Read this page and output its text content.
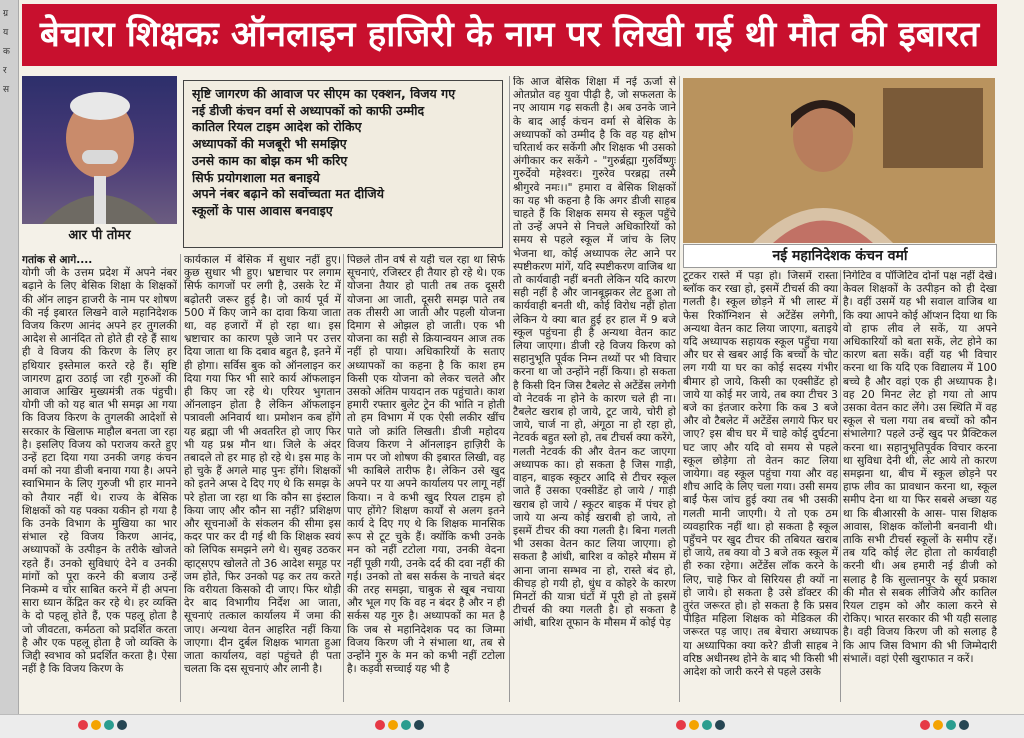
ग्र
य
क
र
स
बेचारा शिक्षकः ऑनलाइन हाजिरी के नाम पर लिखी गई थी मौत की इबारत
आर पी तोमर
सृष्टि जागरण की आवाज पर सीएम का एक्शन, विजय गए
नई डीजी कंचन वर्मा से अध्यापकों को काफी उम्मीद
कातिल रियल टाइम आदेश को रोकिए
अध्यापकों की मजबूरी भी समझिए
उनसे काम का बोझ कम भी करिए
सिर्फ प्रयोगशाला मत बनाइये
अपने नंबर बढ़ाने को सर्वोच्चता मत दीजिये
स्कूलों के पास आवास बनवाइए
नई महानिदेशक कंचन वर्मा
गतांक से आगे....
योगी जी के उत्तम प्रदेश में अपने नंबर बढ़ाने के लिए बेसिक शिक्षा के शिक्षकों की ऑन लाइन हाजरी के नाम पर शोषण की नई इबारत लिखने वाले महानिदेशक विजय किरण आनंद अपने हर तुगलकी आदेश से आनंदित तो होते ही रहे हैं साथ ही वे विजय की किरण के लिए हर हथियार इस्तेमाल करते रहे हैं। सृष्टि जागरण द्वारा उठाई जा रही गुरुओं की आवाज आखिर मुख्यमंत्री तक पंहुची। योगी जी को यह बात भी समझ आ गया कि विजय किरण के तुगलकी आदेशों से सरकार के खिलाफ माहौल बनता जा रहा है। इसलिए विजय को पराजय करते हुए उन्हें हटा दिया गया उनकी जगह कंचन वर्मा को नया डीजी बनाया गया है। अपने स्वाभिमान के लिए गुरुजी भी हार मानने को तैयार नहीं थे। राज्य के बेसिक शिक्षकों को यह पक्का यकीन हो गया है कि उनके विभाग के मुखिया का भार संभाल रहे विजय किरण आनंद, अध्यापकों के उत्पीड़न के तरीके खोजते रहते हैं। उनको सुविधाएं देने व उनकी मांगों को पूरा करने की बजाय उन्हें निकम्मे व चोर साबित करने में ही अपना सारा ध्यान केंद्रित कर रहे थे। हर व्यक्ति के दो पहलू होते हैं, एक पहलू होता है जो जीवटता, कर्मठता को प्रदर्शित करता है और एक पहलू होता है जो व्यक्ति के जिद्दी स्वभाव को प्रदर्शित करता है। ऐसा नहीं है कि विजय किरण के
कार्यकाल में बेसिक में सुधार नहीं हुए। कुछ सुधार भी हुए। भ्रष्टाचार पर लगाम सिर्फ कागजों पर लगी है, उसके रेट में बढ़ोतरी जरूर हुई है। जो कार्य पूर्व में 500 में किए जाने का दावा किया जाता था, वह हजारों में हो रहा था। इस भ्रष्टाचार का कारण पूछे जाने पर उत्तर दिया जाता था कि दबाव बहुत है, इतने में ही होगा। सर्विस बुक को ऑनलाइन कर दिया गया फिर भी सारे कार्य ऑफलाइन ही किए जा रहे थे। एरियर भुगतान ऑनलाइन होता है लेकिन ऑफलाइन पत्रावली अनिवार्य था। प्रमोशन कब होंगे यह ब्रह्मा जी भी अवतरित हो जाए फिर भी यह प्रश्न मौन था। जिले के अंदर तबादले तो हर माह हो रहे थे। इस माह के हो चुके हैं अगले माह पुनः होंगे। शिक्षकों को इतने अप्स दे दिए गए थे कि समझ के परे होता जा रहा था कि कौन सा इंस्टाल किया जाए और कौन सा नहीं? प्रशिक्षण और सूचनाओं के संकलन की सीमा इस कदर पार कर दी गई थी कि शिक्षक स्वयं को लिपिक समझने लगे थे। सुबह उठकर व्हाट्सएप खोलते तो 36 आदेश समूह पर जम होते, फिर उनको पढ़ कर तय करते कि वरीयता किसको दी जाए। फिर थोड़ी देर बाद विभागीय निर्देश आ जाता, सूचनाएं तत्काल कार्यालय में जमा की जाए। अन्यथा वेतन आहरित नहीं किया जाएगा। दीन दुर्बल शिक्षक भागता हुआ जाता कार्यालय, वहां पहुंचते ही पता चलता कि दस सूचनाएं और लानी है।
पिछले तीन वर्ष से यही चल रहा था सिर्फ सूचनाएं, रजिस्टर ही तैयार हो रहे थे। एक योजना तैयार हो पाती तब तक दूसरी योजना आ जाती, दूसरी समझ पाते तब तक तीसरी आ जाती और पहली योजना दिमाग से ओझल हो जाती। एक भी योजना का सही से क्रियान्वयन आज तक नहीं हो पाया। अधिकारियों के सताए अध्यापकों का कहना है कि काश हम किसी एक योजना को लेकर चलते और उसको अंतिम पायदान तक पहुंचाते। काश हमारी रफ्तार बुलेट ट्रेन की भांति न होती तो हम विभाग में एक ऐसी लकीर खींच पाते जो क्रांति लिखती। डीजी महोदय विजय किरण ने ऑनलाइन हाज़िरी के नाम पर जो शोषण की इबारत लिखी, वह भी काबिले तारीफ है। लेकिन उसे खुद अपने पर या अपने कार्यालय पर लागू नहीं किया। न वे कभी खुद रियल टाइम हो पाए होंगे? शिक्षण कार्यों से अलग इतने कार्य दे दिए गए थे कि शिक्षक मानसिक रूप से टूट चुके हैं। क्योंकि कभी उनके मन को नहीं टटोला गया, उनकी वेदना नहीं पूछी गयी, उनके दर्द की दवा नहीं की गई। उनको तो बस सर्कस के नाचते बंदर की तरह समझा, चाबुक से खूब नचाया और भूल गए कि वह न बंदर है और न ही सर्कस यह गुरु है। अध्यापकों का मत है कि जब से महानिदेशक पद का जिम्मा विजय किरण जी ने संभाला था, तब से उन्होंने गुरु के मन को कभी नहीं टटोला है। कड़वी सच्चाई यह भी है
कि आज बेसिक शिक्षा में नई ऊर्जा से ओतप्रोत वह युवा पीढ़ी है, जो सफलता के नए आयाम गढ़ सकती है। अब उनके जाने के बाद आईं कंचन वर्मा से बेसिक के अध्यापकों को उम्मीद है कि वह यह क्षोभ चरितार्थ कर सकेंगी और शिक्षक भी उसको अंगीकार कर सकेंगे - "गुरुर्ब्रह्मा गुरुर्विष्णुः गुरुर्देवो महेश्वरः। गुरुरेव परब्रह्म तस्मै श्रीगुरवे नमः।।" हमारा व बेसिक शिक्षकों का यह भी कहना है कि अगर डीजी साहब चाहते हैं कि शिक्षक समय से स्कूल पहुँचे तो उन्हें अपने से निचले अधिकारियों को समय से पहले स्कूल में जांच के लिए भेजना था, कोई अध्यापक लेट आने पर स्पष्टीकरण मांगें, यदि स्पष्टीकरण वाजिब था तो कार्यवाही नहीं बनती लेकिन यदि कारण सही नहीं है और जानबूझकर लेट हुआ तो कार्यवाही बनती थी, कोई विरोध नहीं होता लेकिन ये क्या बात हुई हर हाल में 9 बजे स्कूल पहुंचना ही है अन्यथा वेतन काट लिया जाएगा। डीजी रहे विजय किरण को सहानुभूति पूर्वक निम्न तथ्यों पर भी विचार करना था जो उन्होंने नहीं किया। हो सकता है किसी दिन जिस टैबलेट से अटेंडेंस लगेगी वो नेटवर्क ना होने के कारण चले ही ना। टैबलेट खराब हो जाये, टूट जाये, चोरी हो जाये, चार्ज ना हो, अंगूठा ना हो रहा हो, नेटवर्क बहुत स्लो हो, तब टीचर्स क्या करेंगे, गलती नेटवर्क की और वेतन कट जाएगा अध्यापक का। हो सकता है जिस गाड़ी, वाहन, बाइक स्कूटर आदि से टीचर स्कूल जाते हैं उसका एक्सीडेंट हो जाये / गाड़ी खराब हो जाये / स्कूटर बाइक में पंचर हो जाये या अन्य कोई खराबी हो जाये, तो इसमें टीचर की क्या गलती है। बिना गलती भी उसका वेतन काट लिया जाएगा। हो सकता है आंधी, बारिश व कोहरे मौसम में आना जाना सम्भव ना हो, रास्ते बंद हो, कीचड़ हो गयी हो, धुंध व कोहरे के कारण मिनटों की यात्रा घंटों में पूरी हो तो इसमें टीचर्स की क्या गलती है। हो सकता है आंधी, बारिश तूफान के मौसम में कोई पेड़
टूटकर रास्ते में पड़ा हो। जिसमें रास्ता ब्लॉक कर रखा हो, इसमें टीचर्स की क्या गलती है। स्कूल छोड़ने में भी लास्ट में फेस रिकॉग्निशन से अटेंडेंस लगेगी, अन्यथा वेतन काट लिया जाएगा, बताइये यदि अध्यापक सहायक स्कूल पहुँचा गया और घर से खबर आई कि बच्चों के चोट लग गयी या घर का कोई सदस्य गंभीर बीमार हो जाये, किसी का एक्सीडेंट हो जाये या कोई मर जाये, तब क्या टीचर 3 बजे का इंतजार करेगा कि कब 3 बजे और वो टैबलेट में अटेंडेंस लगाये फिर घर जाए? इस बीच घर में चाहे कोई दुर्घटना घट जाए और यदि वो समय से पहले स्कूल छोड़ेगा तो वेतन काट लिया जायेगा। वह स्कूल पहुंचा गया और वह शौच आदि के लिए चला गया। उसी समय बाईं फेस जांच हुई क्या तब भी उसकी गलती मानी जाएगी। ये तो एक ठम व्यवहारिक नहीं था। हो सकता है स्कूल पहुँचने पर खुद टीचर की तबियत खराब हो जाये, तब क्या वो 3 बजे तक स्कूल में ही रुका रहेगा। अटेंडेंस लॉक करने के लिए, चाहे फिर वो सिरियस ही क्यों ना हो जाये। हो सकता है उसे डॉक्टर की तुरंत जरूरत हो। हो सकता है कि प्रसव पीड़ित महिला शिक्षक को मेडिकल की जरूरत पड़ जाए। तब बेचारा अध्यापक या अध्यापिका क्या करे? डीजी साहब ने वरिष्ठ अधीनस्थ होने के बाद भी किसी भी आदेश को जारी करने से पहले उसके
निगेटिव व पॉजिटिव दोनों पक्ष नहीं देखे। केवल शिक्षकों के उत्पीड़न को ही देखा है। वहीं उसमें यह भी सवाल वाजिब था कि क्या आपने कोई ऑप्शन दिया था कि वो हाफ लीव ले सकें, या अपने अधिकारियों को बता सकें, लेट होने का कारण बता सकें। वहीं यह भी विचार करना था कि यदि एक विद्यालय में 100 बच्चे है और वहां एक ही अध्यापक है। वह 20 मिनट लेट हो गया तो आप उसका वेतन काट लेंगे। उस स्थिति में वह स्कूल से चला गया तब बच्चों को कौन संभालेगा? पहले उन्हें खुद पर प्रैक्टिकल करना था। सहानुभूतिपूर्वक विचार करना था सुविधा देनी थी, लेट आये तो कारण समझना था, बीच में स्कूल छोड़ने पर हाफ लीव का प्रावधान करना था, स्कूल समीप देना था या फिर सबसे अच्छा यह था कि बीआरसी के आस- पास शिक्षक आवास, शिक्षक कॉलोनी बनवानी थी। ताकि सभी टीचर्स स्कूलों के समीप रहें। तब यदि कोई लेट होता तो कार्यवाही करनी थी। अब हमारी नई डीजी को सलाह है कि सुल्तानपुर के सूर्य प्रकाश की मौत से सबक लीजिये और कातिल रियल टाइम को और काला करने से रोकिए। भारत सरकार की भी यही सलाह है। वही विजय किरण जी को सलाह है कि आप जिस विभाग की भी जिम्मेदारी संभालें। वहां ऐसी खुराफात न करें।
